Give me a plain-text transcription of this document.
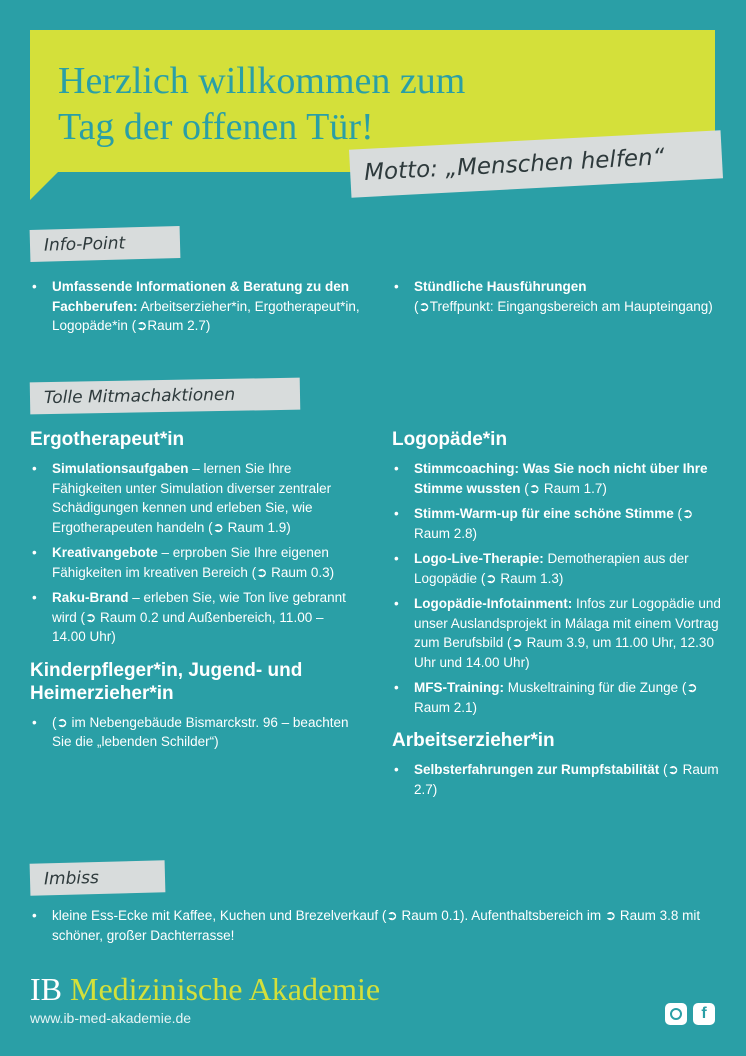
Herzlich willkommen zum
Tag der offenen Tür!
Motto: „Menschen helfen“
Info-Point
• Umfassende Informationen & Beratung zu den Fachberufen: Arbeitserzieher*in, Ergotherapeut*in, Logopäde*in (➲Raum 2.7)
• Stündliche Hausführungen
(➲Treffpunkt: Eingangsbereich am Haupteingang)
Tolle Mitmachaktionen
Ergotherapeut*in
• Simulationsaufgaben – lernen Sie Ihre Fähigkeiten unter Simulation diverser zentraler Schädigungen kennen und erleben Sie, wie Ergotherapeuten handeln (➲ Raum 1.9)
• Kreativangebote – erproben Sie Ihre eigenen Fähigkeiten im kreativen Bereich (➲ Raum 0.3)
• Raku-Brand – erleben Sie, wie Ton live gebrannt wird (➲ Raum 0.2 und Außenbereich, 11.00 – 14.00 Uhr)
Kinderpfleger*in, Jugend- und Heimerzieher*in
• (➲ im Nebengebäude Bismarckstr. 96 – beachten Sie die „lebenden Schilder“)
Logopäde*in
• Stimmcoaching: Was Sie noch nicht über Ihre Stimme wussten (➲ Raum 1.7)
• Stimm-Warm-up für eine schöne Stimme (➲ Raum 2.8)
• Logo-Live-Therapie: Demotherapien aus der Logopädie (➲ Raum 1.3)
• Logopädie-Infotainment: Infos zur Logopädie und unser Auslandsprojekt in Málaga mit einem Vortrag zum Berufsbild (➲ Raum 3.9, um 11.00 Uhr, 12.30 Uhr und 14.00 Uhr)
• MFS-Training: Muskeltraining für die Zunge (➲ Raum 2.1)
Arbeitserzieher*in
• Selbsterfahrungen zur Rumpfstabilität (➲ Raum 2.7)
Imbiss
• kleine Ess-Ecke mit Kaffee, Kuchen und Brezelverkauf (➲ Raum 0.1). Aufenthaltsbereich im ➲ Raum 3.8 mit schöner, großer Dachterrasse!
IB Medizinische Akademie
www.ib-med-akademie.de	f
